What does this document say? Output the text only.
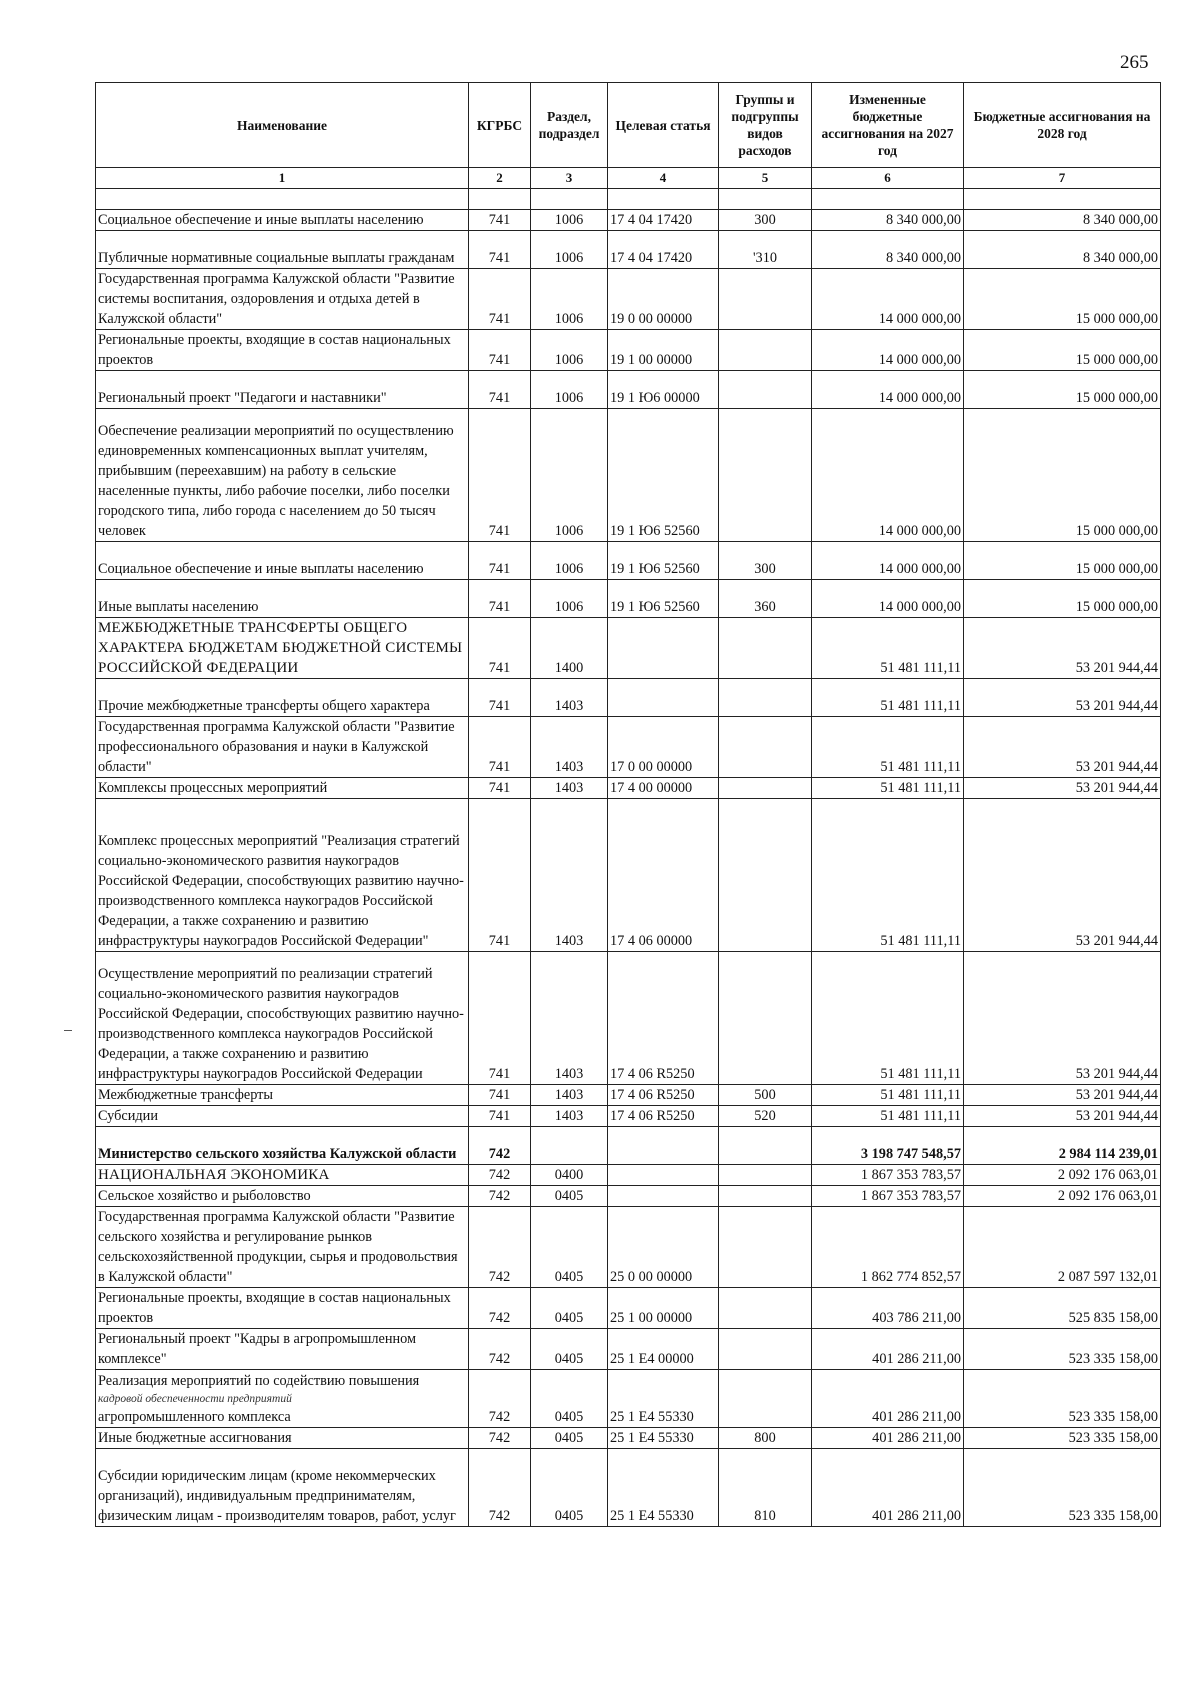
265
Наименование	КГРБС	Раздел, подраздел	Целевая статья	Группы и подгруппы видов расходов	Измененные бюджетные ассигнования на 2027 год	Бюджетные ассигнования на 2028 год
1	2	3	4	5	6	7

Социальное обеспечение и иные выплаты населению	741	1006	17 4 04 17420	300	8 340 000,00	8 340 000,00
Публичные нормативные социальные выплаты гражданам	741	1006	17 4 04 17420	'310	8 340 000,00	8 340 000,00
Государственная программа Калужской области "Развитие системы воспитания, оздоровления и отдыха детей в Калужской области"	741	1006	19 0 00 00000		14 000 000,00	15 000 000,00
Региональные проекты, входящие в состав национальных проектов	741	1006	19 1 00 00000		14 000 000,00	15 000 000,00
Региональный проект "Педагоги и наставники"	741	1006	19 1 Ю6 00000		14 000 000,00	15 000 000,00
Обеспечение реализации мероприятий по осуществлению единовременных компенсационных выплат учителям, прибывшим (переехавшим) на работу в сельские населенные пункты, либо рабочие поселки, либо поселки городского типа, либо города с населением до 50 тысяч человек	741	1006	19 1 Ю6 52560		14 000 000,00	15 000 000,00
Социальное обеспечение и иные выплаты населению	741	1006	19 1 Ю6 52560	300	14 000 000,00	15 000 000,00
Иные выплаты населению	741	1006	19 1 Ю6 52560	360	14 000 000,00	15 000 000,00
МЕЖБЮДЖЕТНЫЕ ТРАНСФЕРТЫ ОБЩЕГО ХАРАКТЕРА БЮДЖЕТАМ БЮДЖЕТНОЙ СИСТЕМЫ РОССИЙСКОЙ ФЕДЕРАЦИИ	741	1400			51 481 111,11	53 201 944,44
Прочие межбюджетные трансферты общего характера	741	1403			51 481 111,11	53 201 944,44
Государственная программа Калужской области "Развитие профессионального образования и науки в Калужской области"	741	1403	17 0 00 00000		51 481 111,11	53 201 944,44
Комплексы процессных мероприятий	741	1403	17 4 00 00000		51 481 111,11	53 201 944,44
Комплекс процессных мероприятий "Реализация стратегий социально-экономического развития наукоградов Российской Федерации, способствующих развитию научно-производственного комплекса наукоградов Российской Федерации, а также сохранению и развитию инфраструктуры наукоградов Российской Федерации"	741	1403	17 4 06 00000		51 481 111,11	53 201 944,44
Осуществление мероприятий по реализации стратегий социально-экономического развития наукоградов Российской Федерации, способствующих развитию научно-производственного комплекса наукоградов Российской Федерации, а также сохранению и развитию инфраструктуры наукоградов Российской Федерации	741	1403	17 4 06 R5250		51 481 111,11	53 201 944,44
Межбюджетные трансферты	741	1403	17 4 06 R5250	500	51 481 111,11	53 201 944,44
Субсидии	741	1403	17 4 06 R5250	520	51 481 111,11	53 201 944,44
Министерство сельского хозяйства Калужской области	742				3 198 747 548,57	2 984 114 239,01
НАЦИОНАЛЬНАЯ ЭКОНОМИКА	742	0400			1 867 353 783,57	2 092 176 063,01
Сельское хозяйство и рыболовство	742	0405			1 867 353 783,57	2 092 176 063,01
Государственная программа Калужской области "Развитие сельского хозяйства и регулирование рынков сельскохозяйственной продукции, сырья и продовольствия в Калужской области"	742	0405	25 0 00 00000		1 862 774 852,57	2 087 597 132,01
Региональные проекты, входящие в состав национальных проектов	742	0405	25 1 00 00000		403 786 211,00	525 835 158,00
Региональный проект "Кадры в агропромышленном комплексе"	742	0405	25 1 E4 00000		401 286 211,00	523 335 158,00
Реализация мероприятий по содействию повышения
кадровой обеспеченности предприятий
агропромышленного комплекса	742	0405	25 1 E4 55330		401 286 211,00	523 335 158,00
Иные бюджетные ассигнования	742	0405	25 1 E4 55330	800	401 286 211,00	523 335 158,00
Субсидии юридическим лицам (кроме некоммерческих организаций), индивидуальным предпринимателям, физическим лицам - производителям товаров, работ, услуг	742	0405	25 1 E4 55330	810	401 286 211,00	523 335 158,00
